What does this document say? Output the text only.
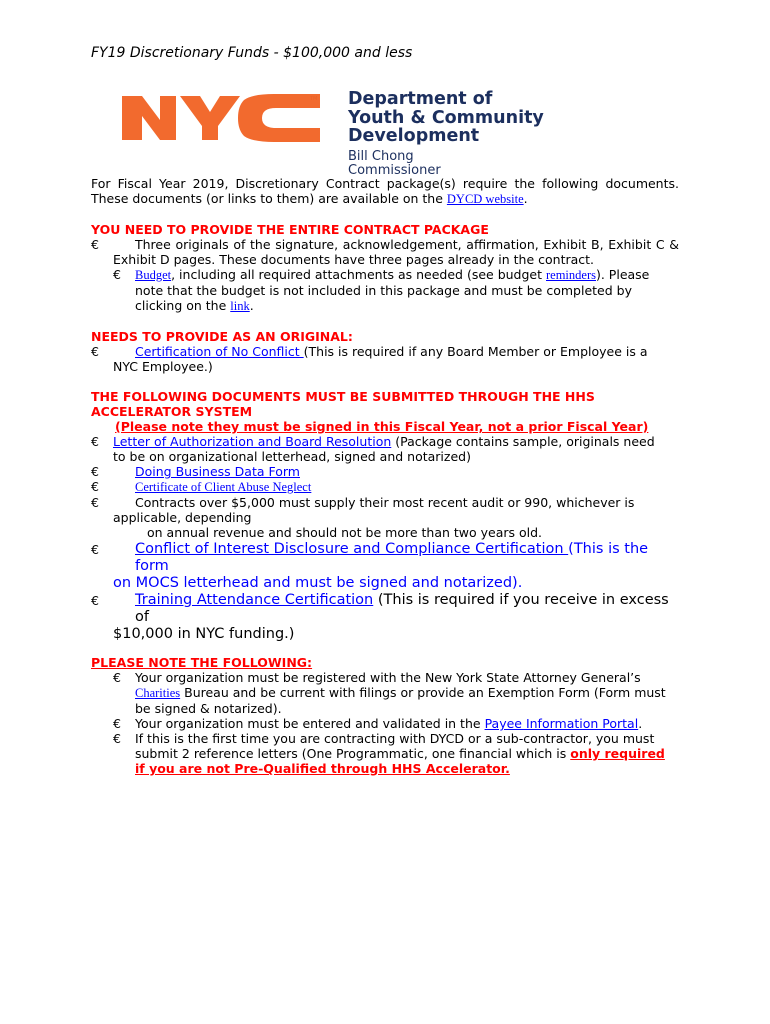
FY19 Discretionary Funds - $100,000 and less
TM Department of
Youth & Community
Development
Bill Chong
Commissioner

For Fiscal Year 2019, Discretionary Contract package(s) require the following documents.

These documents (or links to them) are available on the DYCD website.

YOU NEED TO PROVIDE THE ENTIRE CONTRACT PACKAGE

€	Three originals of the signature, acknowledgement, affirmation, Exhibit B, Exhibit C &

Exhibit D pages. These documents have three pages already in the contract.

€ Budget, including all required attachments as needed (see budget reminders). Please

note that the budget is not included in this package and must be completed by

clicking on the link.

NEEDS TO PROVIDE AS AN ORIGINAL:

€	Certification of No Conflict (This is required if any Board Member or Employee is a

NYC Employee.)

THE FOLLOWING DOCUMENTS MUST BE SUBMITTED THROUGH THE HHS

ACCELERATOR SYSTEM

(Please note they must be signed in this Fiscal Year, not a prior Fiscal Year)

€ Letter of Authorization and Board Resolution (Package contains sample, originals need

to be on organizational letterhead, signed and notarized)

€	Doing Business Data Form

€	Certificate of Client Abuse Neglect

€	Contracts over $5,000 must supply their most recent audit or 990, whichever is

applicable, depending

on annual revenue and should not be more than two years old.

€	Conflict of Interest Disclosure and Compliance Certification (This is the form

on MOCS letterhead and must be signed and notarized).

€	Training Attendance Certification (This is required if you receive in excess of

$10,000 in NYC funding.)

PLEASE NOTE THE FOLLOWING:

€ Your organization must be registered with the New York State Attorney General’s

Charities Bureau and be current with filings or provide an Exemption Form (Form must

be signed & notarized).

€ Your organization must be entered and validated in the Payee Information Portal.

€ If this is the first time you are contracting with DYCD or a sub-contractor, you must

submit 2 reference letters (One Programmatic, one financial which is only required

if you are not Pre-Qualified through HHS Accelerator.
